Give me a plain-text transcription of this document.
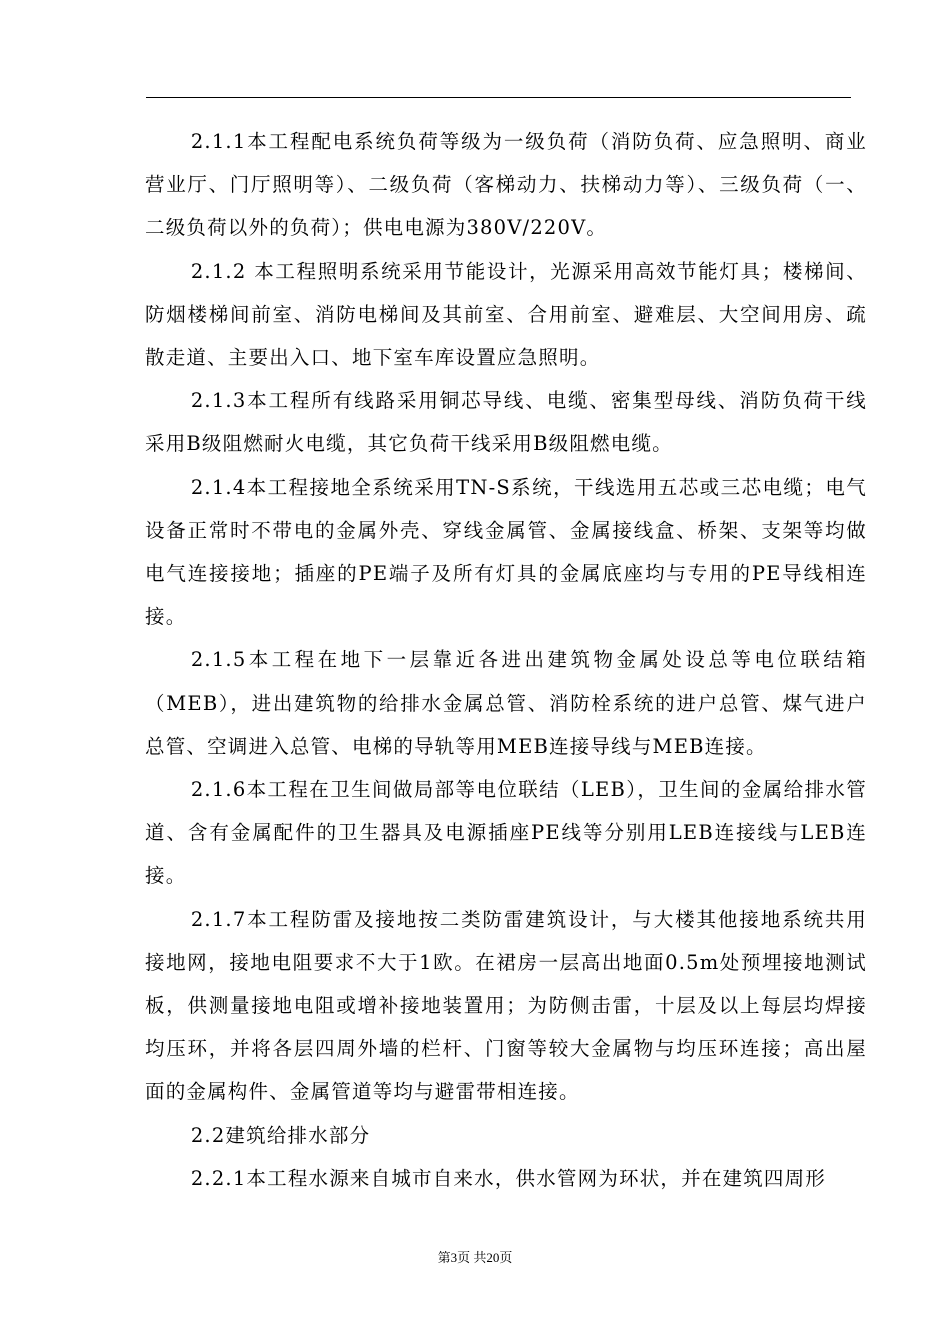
2.1.1本工程配电系统负荷等级为一级负荷（消防负荷、应急照明、商业营业厅、门厅照明等）、二级负荷（客梯动力、扶梯动力等）、三级负荷（一、二级负荷以外的负荷）；供电电源为380V/220V。

2.1.2 本工程照明系统采用节能设计，光源采用高效节能灯具；楼梯间、防烟楼梯间前室、消防电梯间及其前室、合用前室、避难层、大空间用房、疏散走道、主要出入口、地下室车库设置应急照明。

2.1.3本工程所有线路采用铜芯导线、电缆、密集型母线、消防负荷干线采用B级阻燃耐火电缆，其它负荷干线采用B级阻燃电缆。

2.1.4本工程接地全系统采用TN-S系统，干线选用五芯或三芯电缆；电气设备正常时不带电的金属外壳、穿线金属管、金属接线盒、桥架、支架等均做电气连接接地；插座的PE端子及所有灯具的金属底座均与专用的PE导线相连接。

2.1.5本工程在地下一层靠近各进出建筑物金属处设总等电位联结箱（MEB），进出建筑物的给排水金属总管、消防栓系统的进户总管、煤气进户总管、空调进入总管、电梯的导轨等用MEB连接导线与MEB连接。

2.1.6本工程在卫生间做局部等电位联结（LEB），卫生间的金属给排水管道、含有金属配件的卫生器具及电源插座PE线等分别用LEB连接线与LEB连接。

2.1.7本工程防雷及接地按二类防雷建筑设计，与大楼其他接地系统共用接地网，接地电阻要求不大于1欧。在裙房一层高出地面0.5m处预埋接地测试板，供测量接地电阻或增补接地装置用；为防侧击雷，十层及以上每层均焊接均压环，并将各层四周外墙的栏杆、门窗等较大金属物与均压环连接；高出屋面的金属构件、金属管道等均与避雷带相连接。

2.2建筑给排水部分

2.2.1本工程水源来自城市自来水，供水管网为环状，并在建筑四周形

第3页 共20页
